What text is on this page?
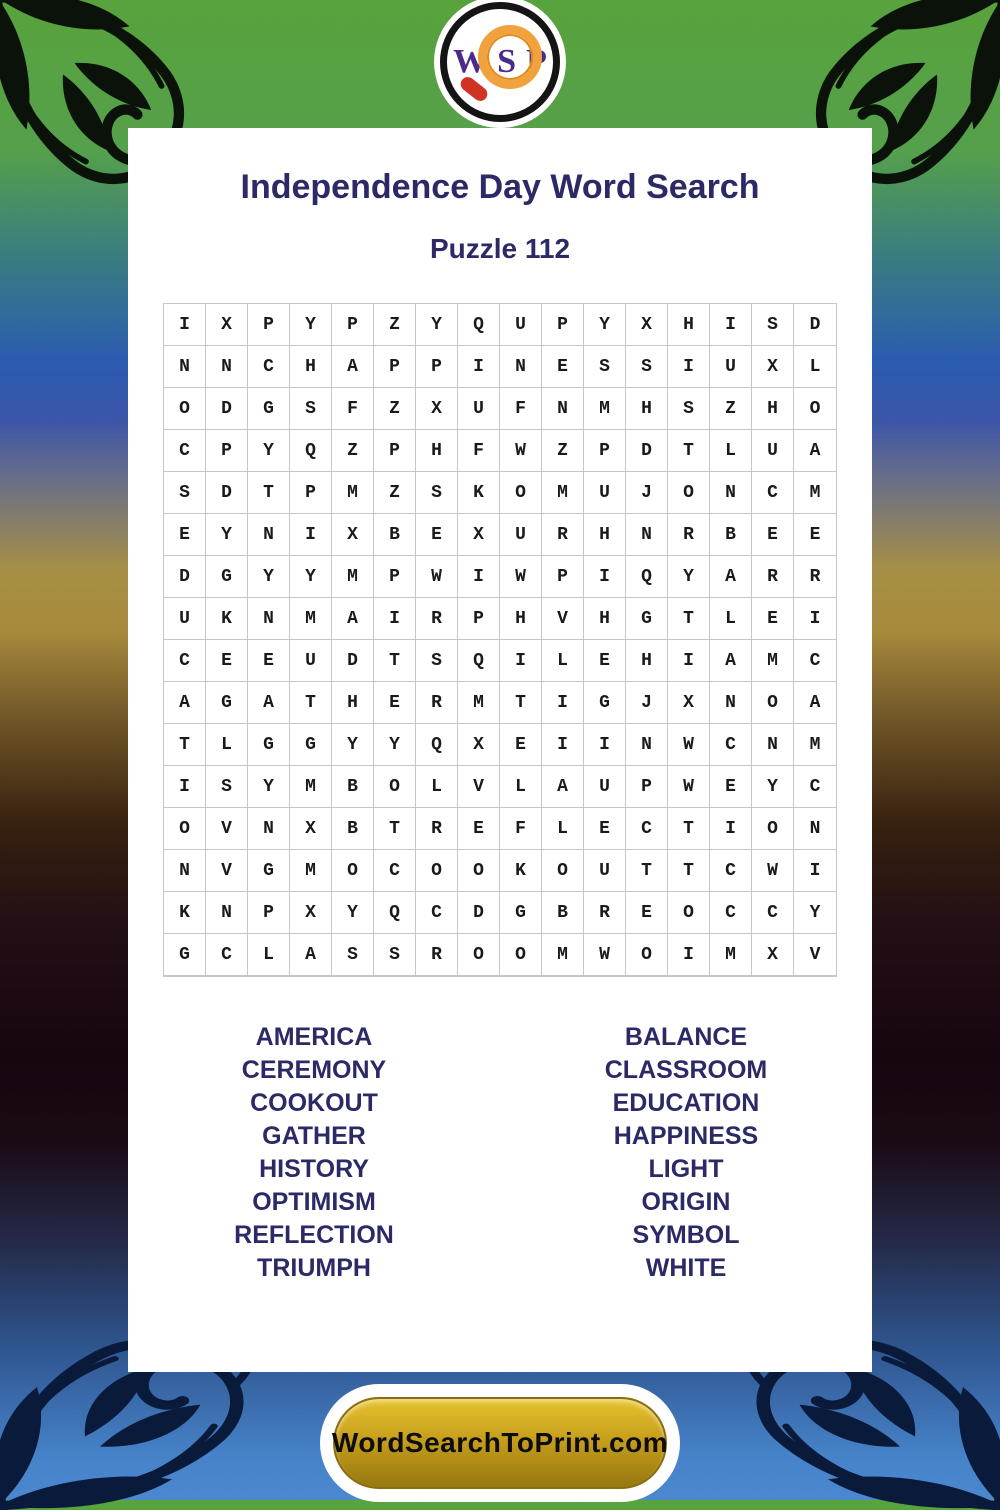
W S P
Independence Day Word Search
Puzzle 112
I	X	P	Y	P	Z	Y	Q	U	P	Y	X	H	I	S	D
N	N	C	H	A	P	P	I	N	E	S	S	I	U	X	L
O	D	G	S	F	Z	X	U	F	N	M	H	S	Z	H	O
C	P	Y	Q	Z	P	H	F	W	Z	P	D	T	L	U	A
S	D	T	P	M	Z	S	K	O	M	U	J	O	N	C	M
E	Y	N	I	X	B	E	X	U	R	H	N	R	B	E	E
D	G	Y	Y	M	P	W	I	W	P	I	Q	Y	A	R	R
U	K	N	M	A	I	R	P	H	V	H	G	T	L	E	I
C	E	E	U	D	T	S	Q	I	L	E	H	I	A	M	C
A	G	A	T	H	E	R	M	T	I	G	J	X	N	O	A
T	L	G	G	Y	Y	Q	X	E	I	I	N	W	C	N	M
I	S	Y	M	B	O	L	V	L	A	U	P	W	E	Y	C
O	V	N	X	B	T	R	E	F	L	E	C	T	I	O	N
N	V	G	M	O	C	O	O	K	O	U	T	T	C	W	I
K	N	P	X	Y	Q	C	D	G	B	R	E	O	C	C	Y
G	C	L	A	S	S	R	O	O	M	W	O	I	M	X	V
AMERICA
CEREMONY
COOKOUT
GATHER
HISTORY
OPTIMISM
REFLECTION
TRIUMPH
BALANCE
CLASSROOM
EDUCATION
HAPPINESS
LIGHT
ORIGIN
SYMBOL
WHITE
WordSearchToPrint.com
